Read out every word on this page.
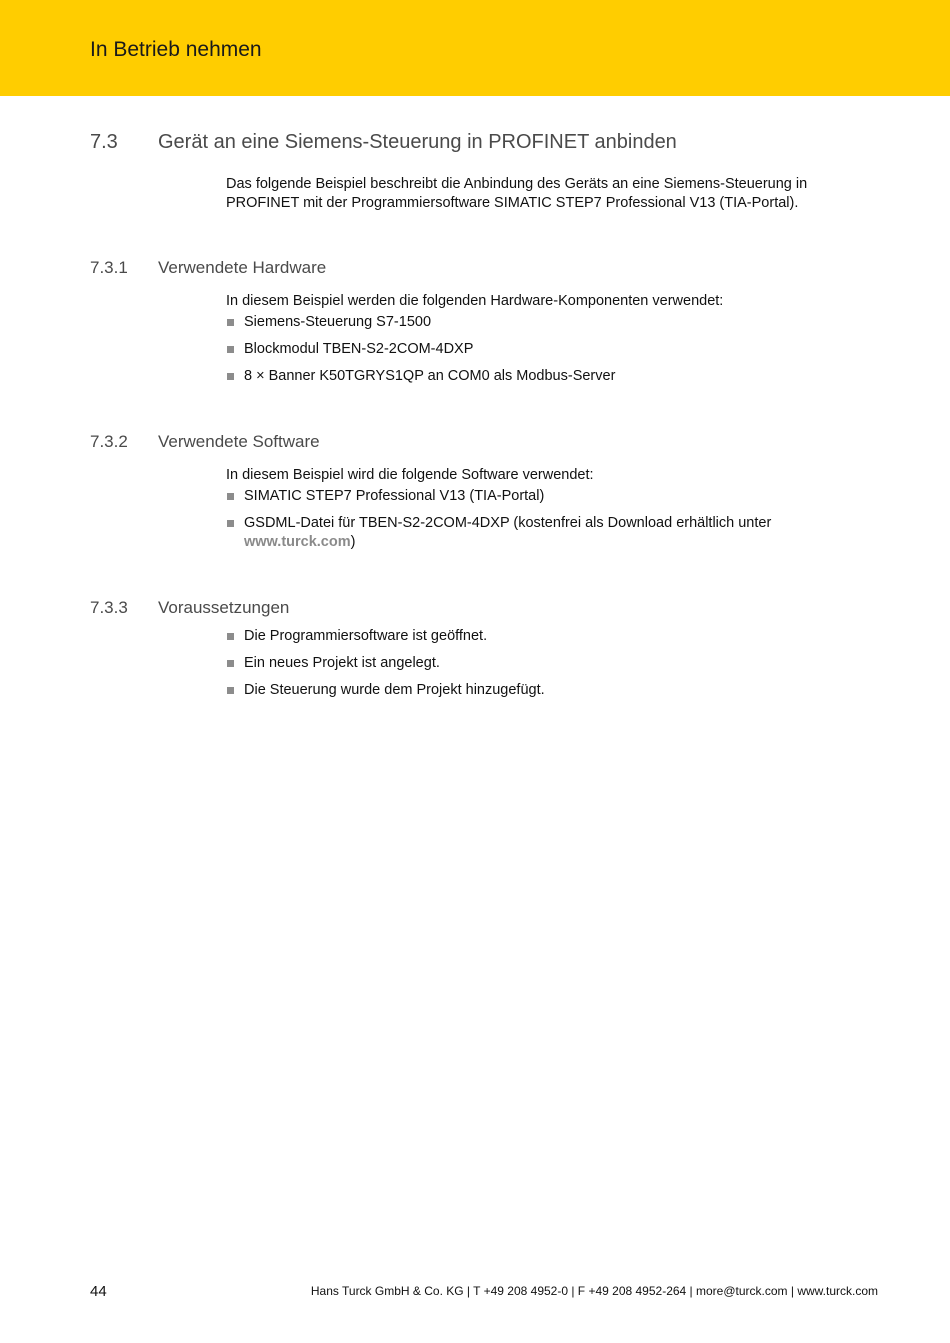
In Betrieb nehmen
7.3 Gerät an eine Siemens-Steuerung in PROFINET anbinden

Das folgende Beispiel beschreibt die Anbindung des Geräts an eine Siemens-Steuerung in PROFINET mit der Programmiersoftware SIMATIC STEP7 Professional V13 (TIA-Portal).

7.3.1 Verwendete Hardware

In diesem Beispiel werden die folgenden Hardware-Komponenten verwendet:

Siemens-Steuerung S7-1500
Blockmodul TBEN-S2-2COM-4DXP
8 × Banner K50TGRYS1QP an COM0 als Modbus-Server
7.3.2 Verwendete Software

In diesem Beispiel wird die folgende Software verwendet:

SIMATIC STEP7 Professional V13 (TIA-Portal)
GSDML-Datei für TBEN-S2-2COM-4DXP (kostenfrei als Download erhältlich unter www.turck.com)
7.3.3 Voraussetzungen
Die Programmiersoftware ist geöffnet.
Ein neues Projekt ist angelegt.
Die Steuerung wurde dem Projekt hinzugefügt.
44	Hans Turck GmbH & Co. KG | T +49 208 4952-0 | F +49 208 4952-264 | more@turck.com | www.turck.com
